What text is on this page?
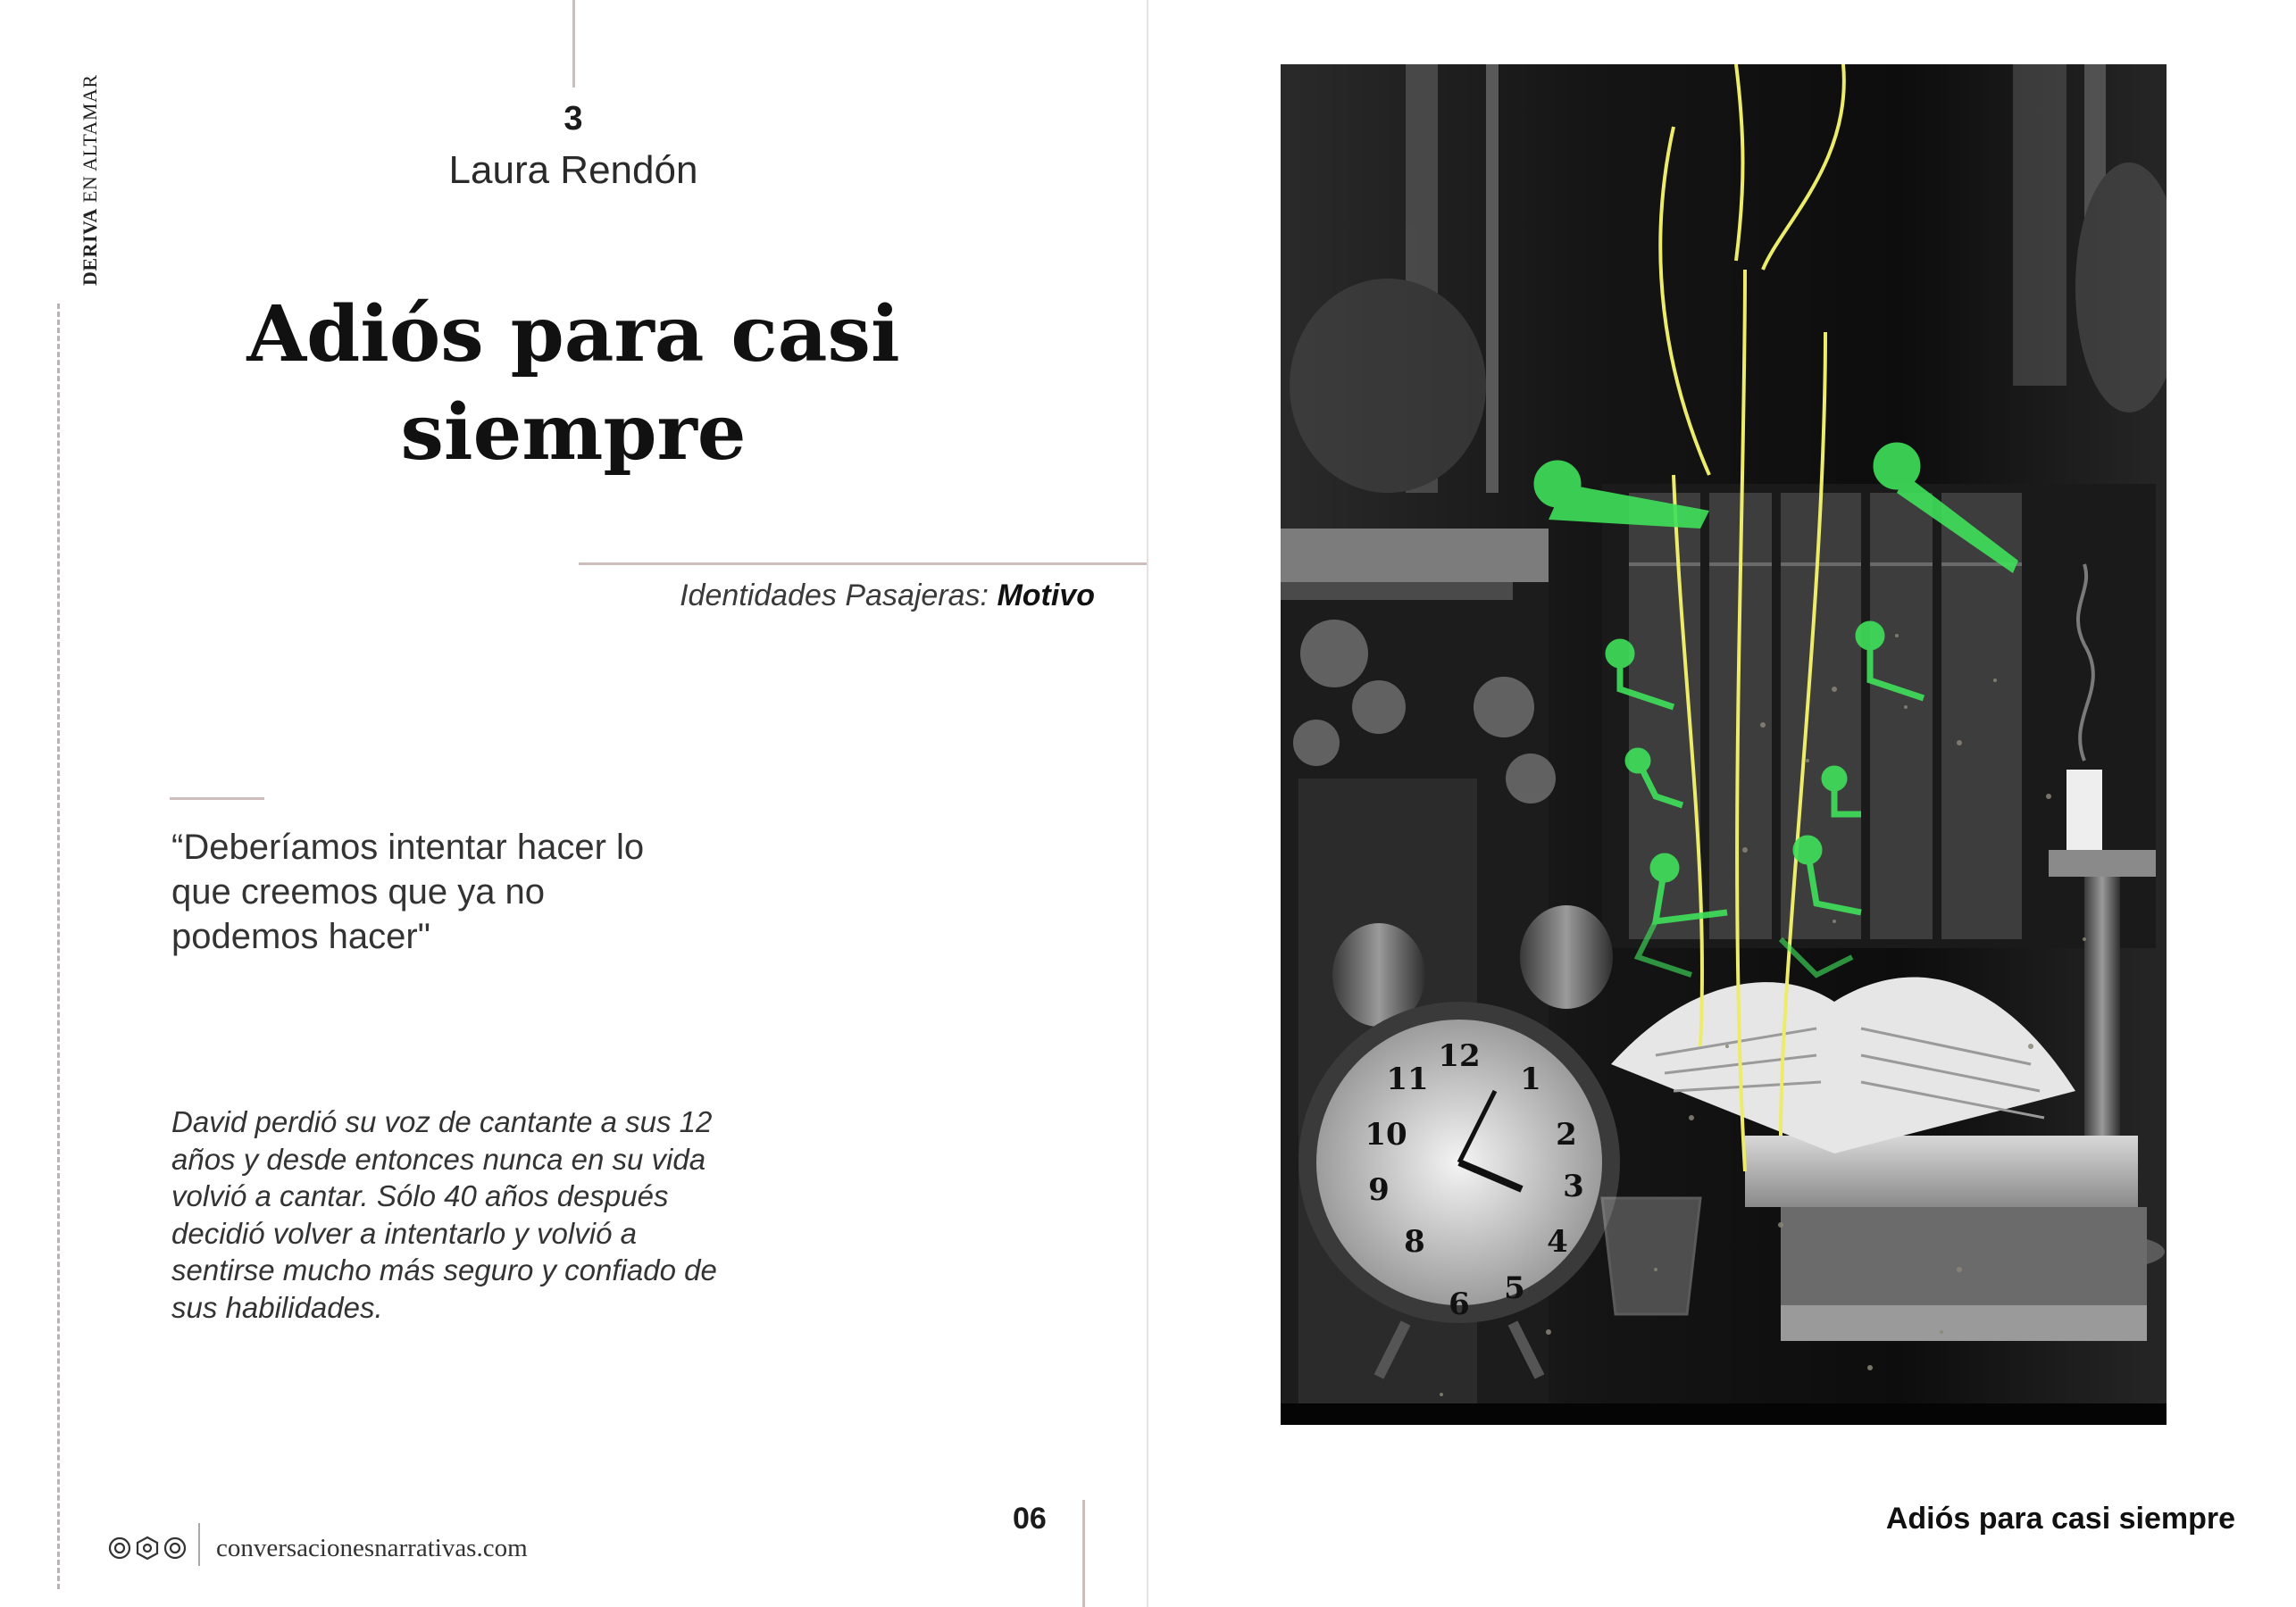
DERIVA EN ALTAMAR	3
Laura Rendón
Adiós para casi
siempre
Identidades Pasajeras: Motivo
“Deberíamos intentar hacer lo
que creemos que ya no
podemos hacer"
David perdió su voz de cantante a sus 12
años y desde entonces nunca en su vida
volvió a cantar. Sólo 40 años después
decidió volver a intentarlo y volvió a
sentirse mucho más seguro y confiado de
sus habilidades.
06
conversacionesnarrativas.com
12
1
2
3
4
5
6
8
9
10
11
Adiós para casi siempre
